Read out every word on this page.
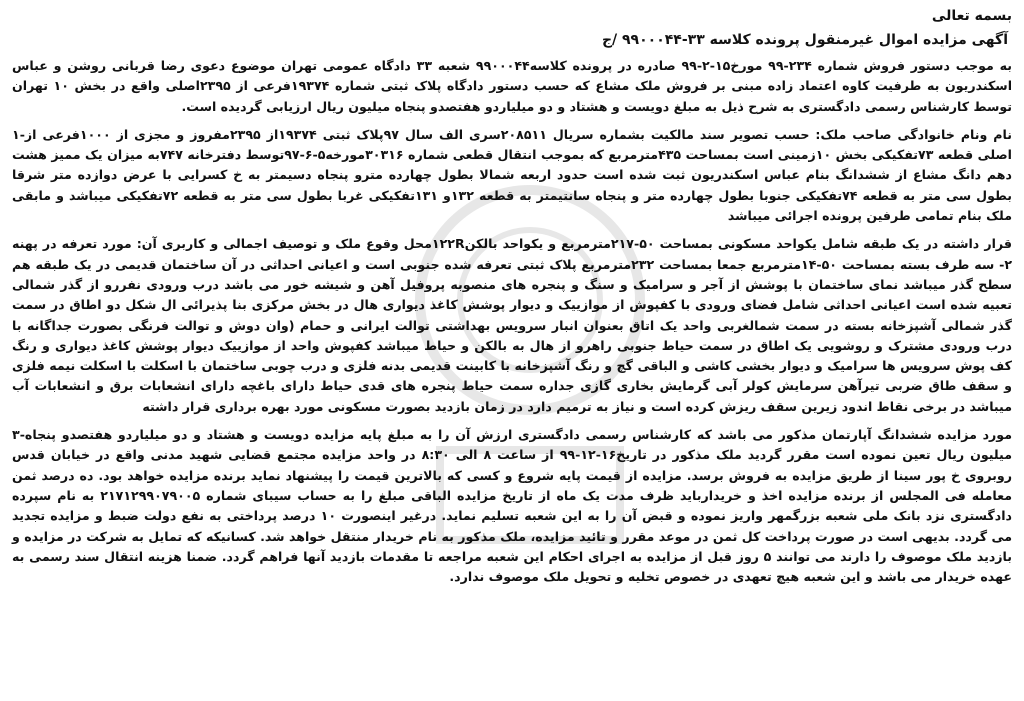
بسمه تعالی

آگهی مزایده اموال غیرمنقول پرونده کلاسه ۳۳-۹۹۰۰۰۴۴ /ج

به موجب دستور فروش شماره ۲۳۴-۹۹ مورخ۱۵-۲-۹۹ صادره در پرونده کلاسه۹۹۰۰۰۴۴ شعبه ۳۳ دادگاه عمومی تهران موضوع دعوی رضا قربانی روشن و عباس اسکندریون به طرفیت کاوه اعتماد زاده مبنی بر فروش ملک مشاع که حسب دستور دادگاه پلاک ثبتی شماره ۱۹۳۷۴فرعی از ۲۳۹۵اصلی واقع در بخش ۱۰ تهران توسط کارشناس رسمی دادگستری به شرح ذیل به مبلغ دویست و هشتاد و دو میلیاردو هفتصدو پنجاه میلیون ریال ارزیابی گردیده است.

نام ونام خانوادگی صاحب ملک: حسب تصویر سند مالکیت بشماره سریال ۲۰۸۵۱۱سری الف سال ۹۷پلاک ثبتی ۱۹۳۷۴از ۲۳۹۵مفروز و مجزی از ۱۰۰۰فرعی از-۱ اصلی قطعه ۷۳تفکیکی بخش ۱۰زمینی است بمساحت ۴۳۵مترمربع که بموجب انتقال قطعی شماره ۳۰۳۱۶مورخه۵-۶-۹۷توسط دفترخانه ۷۴۷به میزان یک ممیز هشت دهم دانگ مشاع از ششدانگ بنام عباس اسکندریون ثبت شده است حدود اربعه شمالا بطول چهارده مترو پنجاه دسیمتر به خ کسرایی با عرض دوازده متر شرقا بطول سی متر به قطعه ۷۴تفکیکی جنوبا بطول چهارده متر و پنجاه سانتیمتر به قطعه ۱۳۲و ۱۳۱تفکیکی غربا بطول سی متر به قطعه ۷۲تفکیکی میباشد و مابقی ملک بنام تمامی طرفین پرونده اجرائی میباشد

قرار داشته در یک طبقه شامل یکواحد مسکونی بمساحت ۵۰-۲۱۷مترمربع و یکواحد بالکن۱۲۲Rمحل وقوع ملک و توصیف اجمالی و کاربری آن: مورد تعرفه در پهنه ۲- سه طرف بسته بمساحت ۵۰-۱۴مترمربع جمعا بمساحت ۲۳۲مترمربع پلاک ثبتی تعرفه شده جنوبی است و اعیانی احداثی در آن ساختمان قدیمی در یک طبقه هم سطح گذر میباشد نمای ساختمان با پوشش از آجر و سرامیک و سنگ و پنجره های منصوبه پروفیل آهن و شیشه خور می باشد درب ورودی نفررو از گذر شمالی تعبیه شده است اعیانی احداثی شامل فضای ورودی با کفپوش از موازییک و دیوار پوشش کاغذ دیواری هال در بخش مرکزی بنا پذیرائی ال شکل دو اطاق در سمت گذر شمالی آشپزخانه بسته در سمت شمالغربی واحد یک اتاق بعنوان انبار سرویس بهداشتی توالت ایرانی و حمام (وان دوش و توالت فرنگی بصورت جداگانه با درب ورودی مشترک و روشویی یک اطاق در سمت حیاط جنوبی راهرو از هال به بالکن و حیاط میباشد کفپوش واحد از موازییک دیوار پوشش کاغذ دیواری و رنگ کف پوش سرویس ها سرامیک و دیوار بخشی کاشی و الباقی گچ و رنگ آشپزخانه با کابینت قدیمی بدنه فلزی و درب چوبی ساختمان با اسکلت با اسکلت نیمه فلزی و سقف طاق ضربی تیرآهن سرمایش کولر آبی گرمایش بخاری گازی جداره سمت حیاط پنجره های قدی حیاط دارای باغچه دارای انشعابات برق و انشعابات آب میباشد در برخی نقاط اندود زیرین سقف ریزش کرده است و نیاز به ترمیم دارد در زمان بازدید بصورت مسکونی مورد بهره برداری قرار داشته

مورد مزایده ششدانگ آپارتمان مذکور می باشد که کارشناس رسمی دادگستری ارزش آن را به مبلغ پایه مزایده دویست و هشتاد و دو میلیاردو هفتصدو پنجاه-۳ میلیون ریال تعین نموده است مقرر گردید ملک مذکور در تاریخ۱۶-۱۲-۹۹ از ساعت ۸ الی ۸:۳۰ در واحد مزایده مجتمع قضایی شهید مدنی واقع در خیابان قدس روبروی خ پور سینا از طریق مزایده به فروش برسد. مزایده از قیمت پایه شروع و کسی که بالاترین قیمت را پیشنهاد نماید برنده مزایده خواهد بود. ده درصد ثمن معامله فی المجلس از برنده مزایده اخذ و خریدارباید ظرف مدت یک ماه از تاریخ مزایده الباقی مبلغ را به حساب سیبای شماره ۲۱۷۱۲۹۹۰۷۹۰۰۵ به نام سپرده دادگستری نزد بانک ملی شعبه بزرگمهر واریز نموده و قبض آن را به این شعبه تسلیم نماید. درغیر اینصورت ۱۰ درصد پرداختی به نفع دولت ضبط و مزایده تجدید می گردد. بدیهی است در صورت پرداخت کل ثمن در موعد مقرر و تائید مزایده، ملک مذکور به نام خریدار منتقل خواهد شد. کسانیکه که تمایل به شرکت در مزایده و بازدید ملک موصوف را دارند می توانند ۵ روز قبل از مزایده به اجرای احکام این شعبه مراجعه تا مقدمات بازدید آنها فراهم گردد. ضمنا هزینه انتقال سند رسمی به عهده خریدار می باشد و این شعبه هیچ تعهدی در خصوص تخلیه و تحویل ملک موصوف ندارد.
